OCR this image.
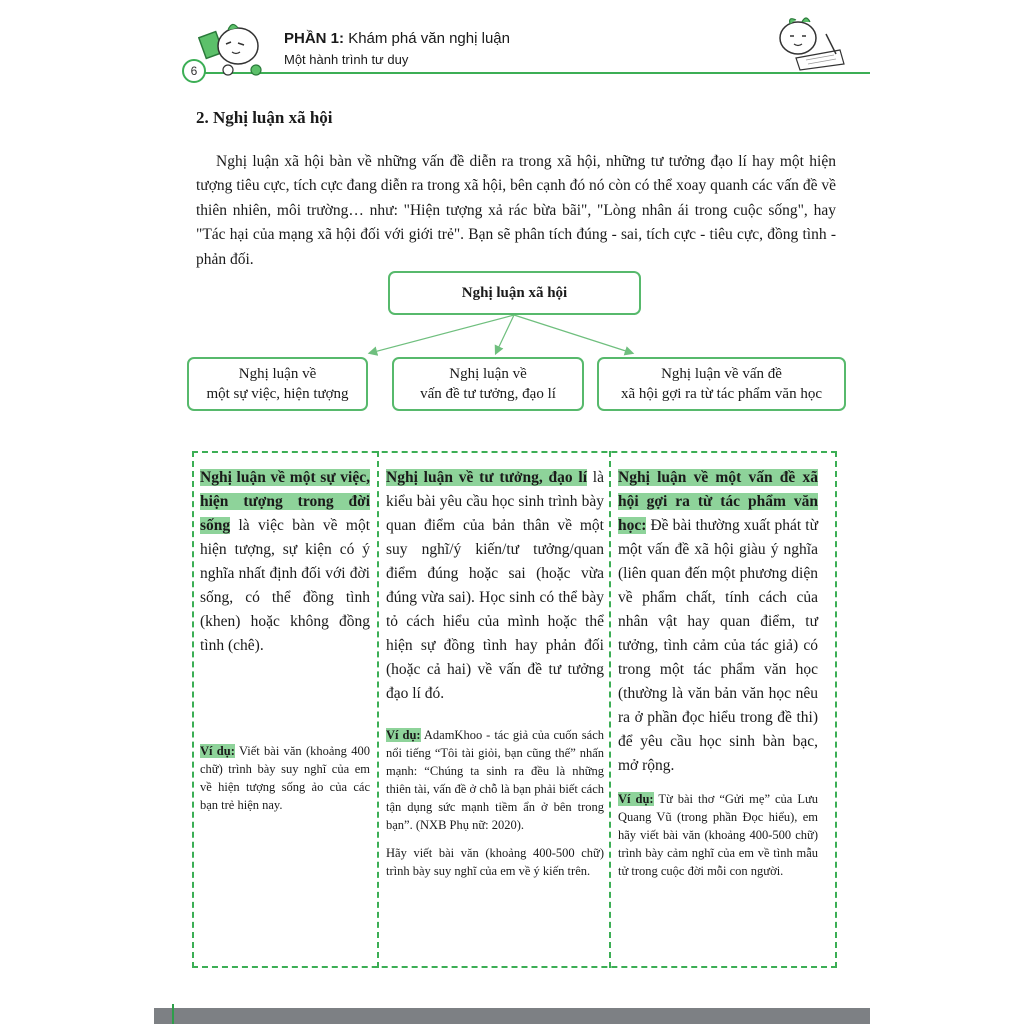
6
PHẦN 1: Khám phá văn nghị luận
Một hành trình tư duy
2. Nghị luận xã hội

Nghị luận xã hội bàn về những vấn đề diễn ra trong xã hội, những tư tưởng đạo lí hay một hiện tượng tiêu cực, tích cực đang diễn ra trong xã hội, bên cạnh đó nó còn có thể xoay quanh các vấn đề về thiên nhiên, môi trường… như: "Hiện tượng xả rác bừa bãi", "Lòng nhân ái trong cuộc sống", hay "Tác hại của mạng xã hội đối với giới trẻ". Bạn sẽ phân tích đúng - sai, tích cực - tiêu cực, đồng tình - phản đối.

Nghị luận xã hội
Nghị luận về
một sự việc, hiện tượng
Nghị luận về
vấn đề tư tưởng, đạo lí
Nghị luận về vấn đề
xã hội gợi ra từ tác phẩm văn học

Nghị luận về một sự việc, hiện tượng trong đời sống là việc bàn về một hiện tượng, sự kiện có ý nghĩa nhất định đối với đời sống, có thể đồng tình (khen) hoặc không đồng tình (chê).

Ví dụ: Viết bài văn (khoảng 400 chữ) trình bày suy nghĩ của em về hiện tượng sống ảo của các bạn trẻ hiện nay.

Nghị luận về tư tưởng, đạo lí là kiểu bài yêu cầu học sinh trình bày quan điểm của bản thân về một suy nghĩ/ý kiến/tư tưởng/quan điểm đúng hoặc sai (hoặc vừa đúng vừa sai). Học sinh có thể bày tỏ cách hiểu của mình hoặc thể hiện sự đồng tình hay phản đối (hoặc cả hai) về vấn đề tư tưởng đạo lí đó.

Ví dụ: AdamKhoo - tác giả của cuốn sách nổi tiếng “Tôi tài giỏi, bạn cũng thế” nhấn mạnh: “Chúng ta sinh ra đều là những thiên tài, vấn đề ở chỗ là bạn phải biết cách tận dụng sức mạnh tiềm ẩn ở bên trong bạn”. (NXB Phụ nữ: 2020).

Hãy viết bài văn (khoảng 400-500 chữ) trình bày suy nghĩ của em về ý kiến trên.

Nghị luận về một vấn đề xã hội gợi ra từ tác phẩm văn học: Đề bài thường xuất phát từ một vấn đề xã hội giàu ý nghĩa (liên quan đến một phương diện về phẩm chất, tính cách của nhân vật hay quan điểm, tư tưởng, tình cảm của tác giả) có trong một tác phẩm văn học (thường là văn bản văn học nêu ra ở phần đọc hiểu trong đề thi) để yêu cầu học sinh bàn bạc, mở rộng.

Ví dụ: Từ bài thơ “Gửi mẹ” của Lưu Quang Vũ (trong phần Đọc hiểu), em hãy viết bài văn (khoảng 400-500 chữ) trình bày cảm nghĩ của em về tình mẫu tử trong cuộc đời mỗi con người.
